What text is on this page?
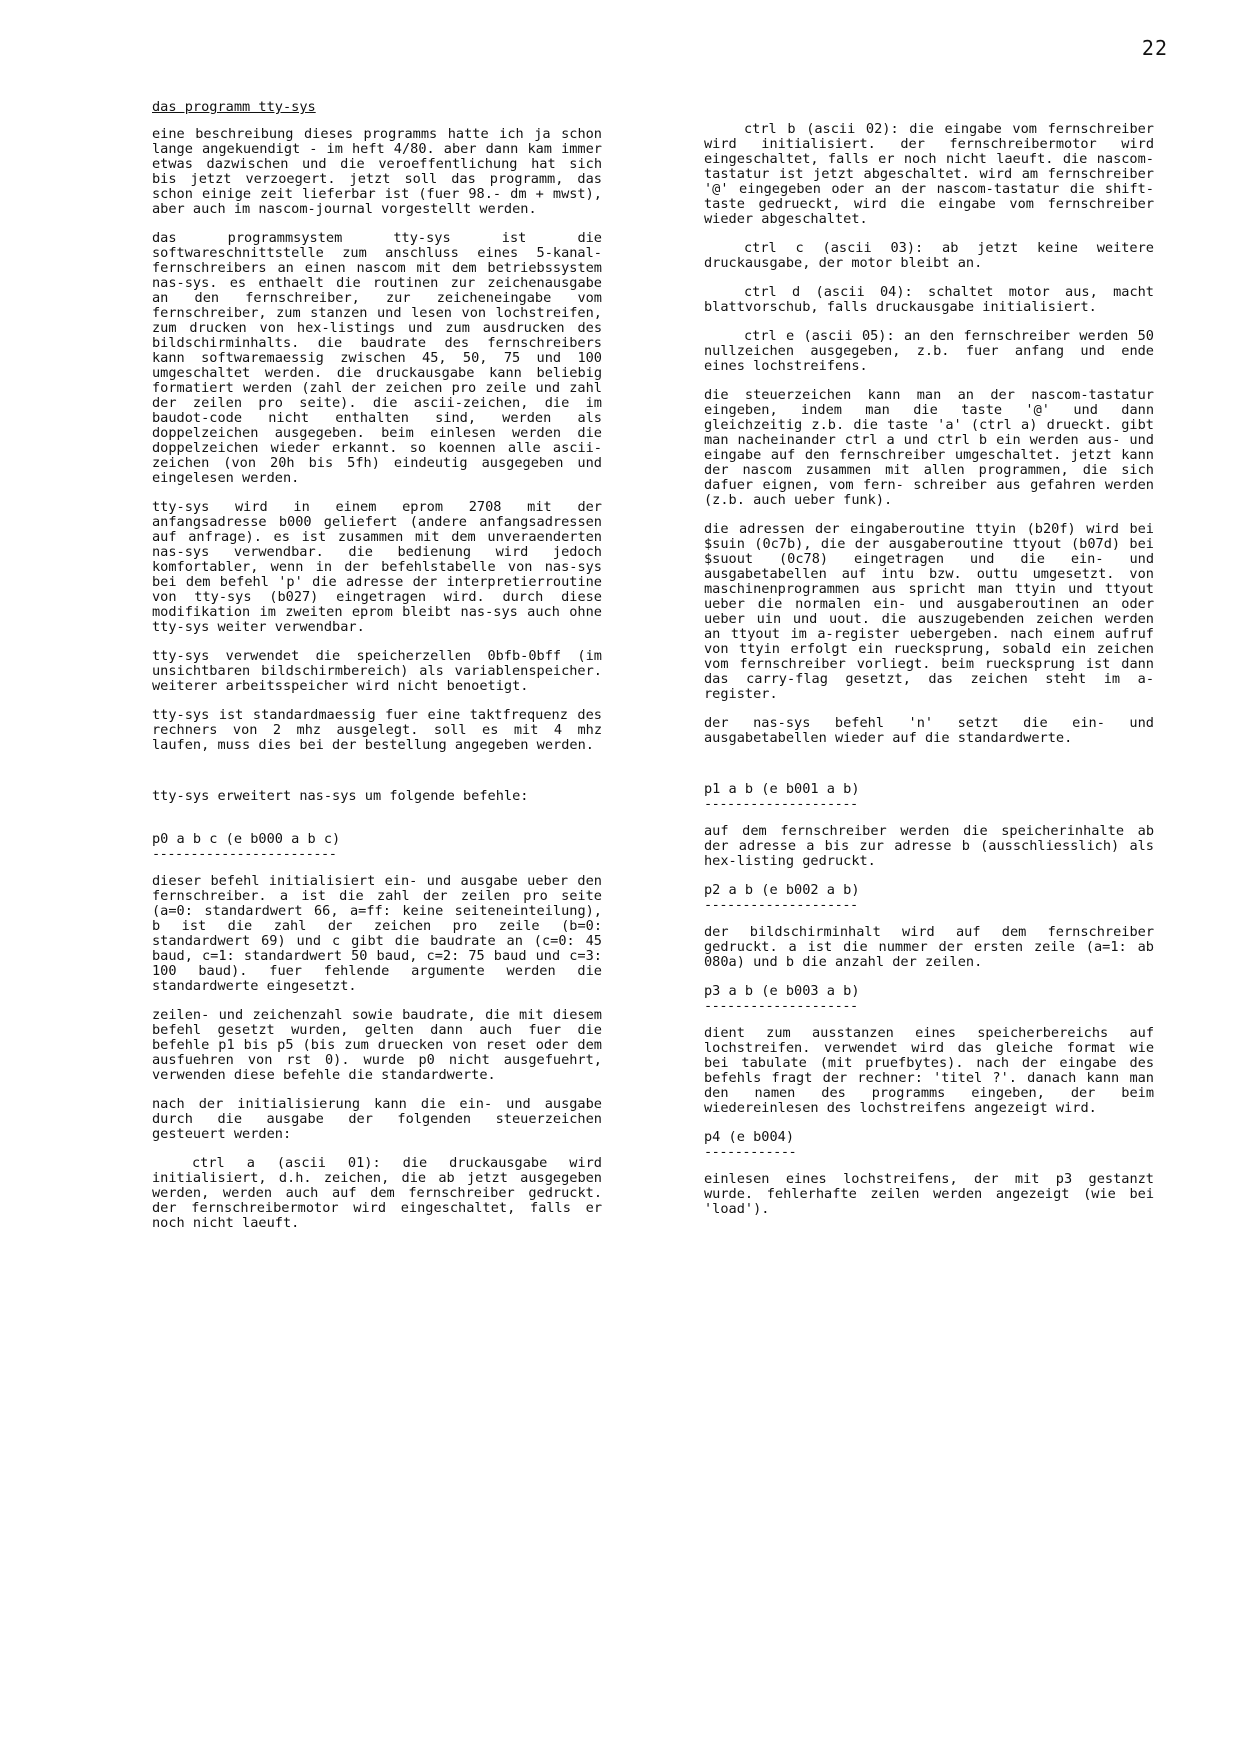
22
das programm tty-sys

eine beschreibung dieses programms hatte ich ja schon lange angekuendigt - im heft 4/80. aber dann kam immer etwas dazwischen und die veroeffentlichung hat sich bis jetzt verzoegert. jetzt soll das programm, das schon einige zeit lieferbar ist (fuer 98.- dm + mwst), aber auch im nascom-journal vorgestellt werden.

das programmsystem tty-sys ist die softwareschnittstelle zum anschluss eines 5-kanal-fernschreibers an einen nascom mit dem betriebssystem nas-sys. es enthaelt die routinen zur zeichenausgabe an den fernschreiber, zur zeicheneingabe vom fernschreiber, zum stanzen und lesen von lochstreifen, zum drucken von hex-listings und zum ausdrucken des bildschirminhalts. die baudrate des fernschreibers kann softwaremaessig zwischen 45, 50, 75 und 100 umgeschaltet werden. die druckausgabe kann beliebig formatiert werden (zahl der zeichen pro zeile und zahl der zeilen pro seite). die ascii-zeichen, die im baudot-code nicht enthalten sind, werden als doppelzeichen ausgegeben. beim einlesen werden die doppelzeichen wieder erkannt. so koennen alle ascii-zeichen (von 20h bis 5fh) eindeutig ausgegeben und eingelesen werden.

tty-sys wird in einem eprom 2708 mit der anfangsadresse b000 geliefert (andere anfangsadressen auf anfrage). es ist zusammen mit dem unveraenderten nas-sys verwendbar. die bedienung wird jedoch komfortabler, wenn in der befehlstabelle von nas-sys bei dem befehl 'p' die adresse der interpretierroutine von tty-sys (b027) eingetragen wird. durch diese modifikation im zweiten eprom bleibt nas-sys auch ohne tty-sys weiter verwendbar.

tty-sys verwendet die speicherzellen 0bfb-0bff (im unsichtbaren bildschirmbereich) als variablenspeicher. weiterer arbeitsspeicher wird nicht benoetigt.

tty-sys ist standardmaessig fuer eine taktfrequenz des rechners von 2 mhz ausgelegt. soll es mit 4 mhz laufen, muss dies bei der bestellung angegeben werden.

tty-sys erweitert nas-sys um folgende befehle:

p0 a b c (e b000 a b c)
------------------------

dieser befehl initialisiert ein- und ausgabe ueber den fernschreiber. a ist die zahl der zeilen pro seite (a=0: standardwert 66, a=ff: keine seiteneinteilung), b ist die zahl der zeichen pro zeile (b=0: standardwert 69) und c gibt die baudrate an (c=0: 45 baud, c=1: standardwert 50 baud, c=2: 75 baud und c=3: 100 baud). fuer fehlende argumente werden die standardwerte eingesetzt.

zeilen- und zeichenzahl sowie baudrate, die mit diesem befehl gesetzt wurden, gelten dann auch fuer die befehle p1 bis p5 (bis zum druecken von reset oder dem ausfuehren von rst 0). wurde p0 nicht ausgefuehrt, verwenden diese befehle die standardwerte.

nach der initialisierung kann die ein- und ausgabe durch die ausgabe der folgenden steuerzeichen gesteuert werden:

ctrl a (ascii 01): die druckausgabe wird initialisiert, d.h. zeichen, die ab jetzt ausgegeben werden, werden auch auf dem fernschreiber gedruckt. der fernschreibermotor wird eingeschaltet, falls er noch nicht laeuft.

ctrl b (ascii 02): die eingabe vom fernschreiber wird initialisiert. der fernschreibermotor wird eingeschaltet, falls er noch nicht laeuft. die nascom-tastatur ist jetzt abgeschaltet. wird am fernschreiber '@' eingegeben oder an der nascom-tastatur die shift-taste gedrueckt, wird die eingabe vom fernschreiber wieder abgeschaltet.

ctrl c (ascii 03): ab jetzt keine weitere druckausgabe, der motor bleibt an.

ctrl d (ascii 04): schaltet motor aus, macht blattvorschub, falls druckausgabe initialisiert.

ctrl e (ascii 05): an den fernschreiber werden 50 nullzeichen ausgegeben, z.b. fuer anfang und ende eines lochstreifens.

die steuerzeichen kann man an der nascom-tastatur eingeben, indem man die taste '@' und dann gleichzeitig z.b. die taste 'a' (ctrl a) drueckt. gibt man nacheinander ctrl a und ctrl b ein werden aus- und eingabe auf den fernschreiber umgeschaltet. jetzt kann der nascom zusammen mit allen programmen, die sich dafuer eignen, vom fern- schreiber aus gefahren werden (z.b. auch ueber funk).

die adressen der eingaberoutine ttyin (b20f) wird bei $suin (0c7b), die der ausgaberoutine ttyout (b07d) bei $suout (0c78) eingetragen und die ein- und ausgabetabellen auf intu bzw. outtu umgesetzt. von maschinenprogrammen aus spricht man ttyin und ttyout ueber die normalen ein- und ausgaberoutinen an oder ueber uin und uout. die auszugebenden zeichen werden an ttyout im a-register uebergeben. nach einem aufruf von ttyin erfolgt ein ruecksprung, sobald ein zeichen vom fernschreiber vorliegt. beim ruecksprung ist dann das carry-flag gesetzt, das zeichen steht im a-register.

der nas-sys befehl 'n' setzt die ein- und ausgabetabellen wieder auf die standardwerte.

p1 a b (e b001 a b)
--------------------

auf dem fernschreiber werden die speicherinhalte ab der adresse a bis zur adresse b (ausschliesslich) als hex-listing gedruckt.

p2 a b (e b002 a b)
--------------------

der bildschirminhalt wird auf dem fernschreiber gedruckt. a ist die nummer der ersten zeile (a=1: ab 080a) und b die anzahl der zeilen.

p3 a b (e b003 a b)
--------------------

dient zum ausstanzen eines speicherbereichs auf lochstreifen. verwendet wird das gleiche format wie bei tabulate (mit pruefbytes). nach der eingabe des befehls fragt der rechner: 'titel ?'. danach kann man den namen des programms eingeben, der beim wiedereinlesen des lochstreifens angezeigt wird.

p4 (e b004)
------------

einlesen eines lochstreifens, der mit p3 gestanzt wurde. fehlerhafte zeilen werden angezeigt (wie bei 'load').
